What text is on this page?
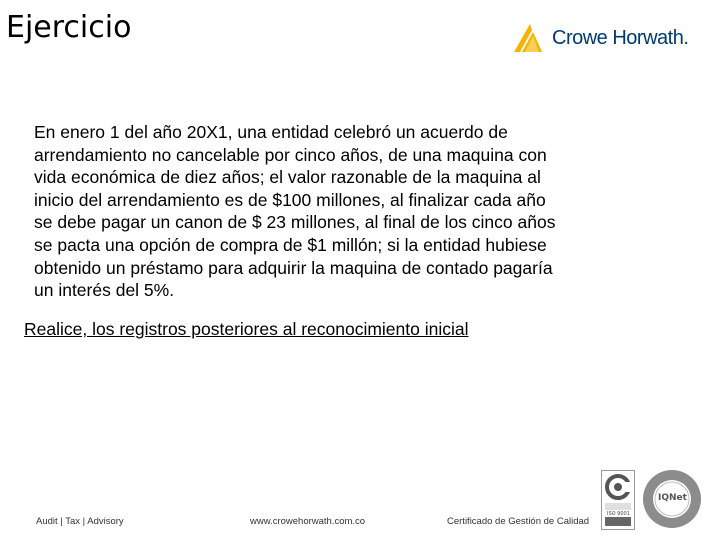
Ejercicio	Crowe Horwath.
En enero 1 del año 20X1, una entidad celebró un acuerdo de
arrendamiento no cancelable por cinco años, de una maquina con
vida económica de diez años; el valor razonable de la maquina al
inicio del arrendamiento es de $100 millones, al finalizar cada año
se debe pagar un canon de $ 23 millones, al final de los cinco años
se pacta una opción de compra de $1 millón; si la entidad hubiese
obtenido un préstamo para adquirir la maquina de contado pagaría
un interés del 5%.
Realice, los registros posteriores al reconocimiento inicial
Audit | Tax | Advisory	www.crowehorwath.com.co	Certificado de Gestión de Calidad
ISO 9001
IQNet
